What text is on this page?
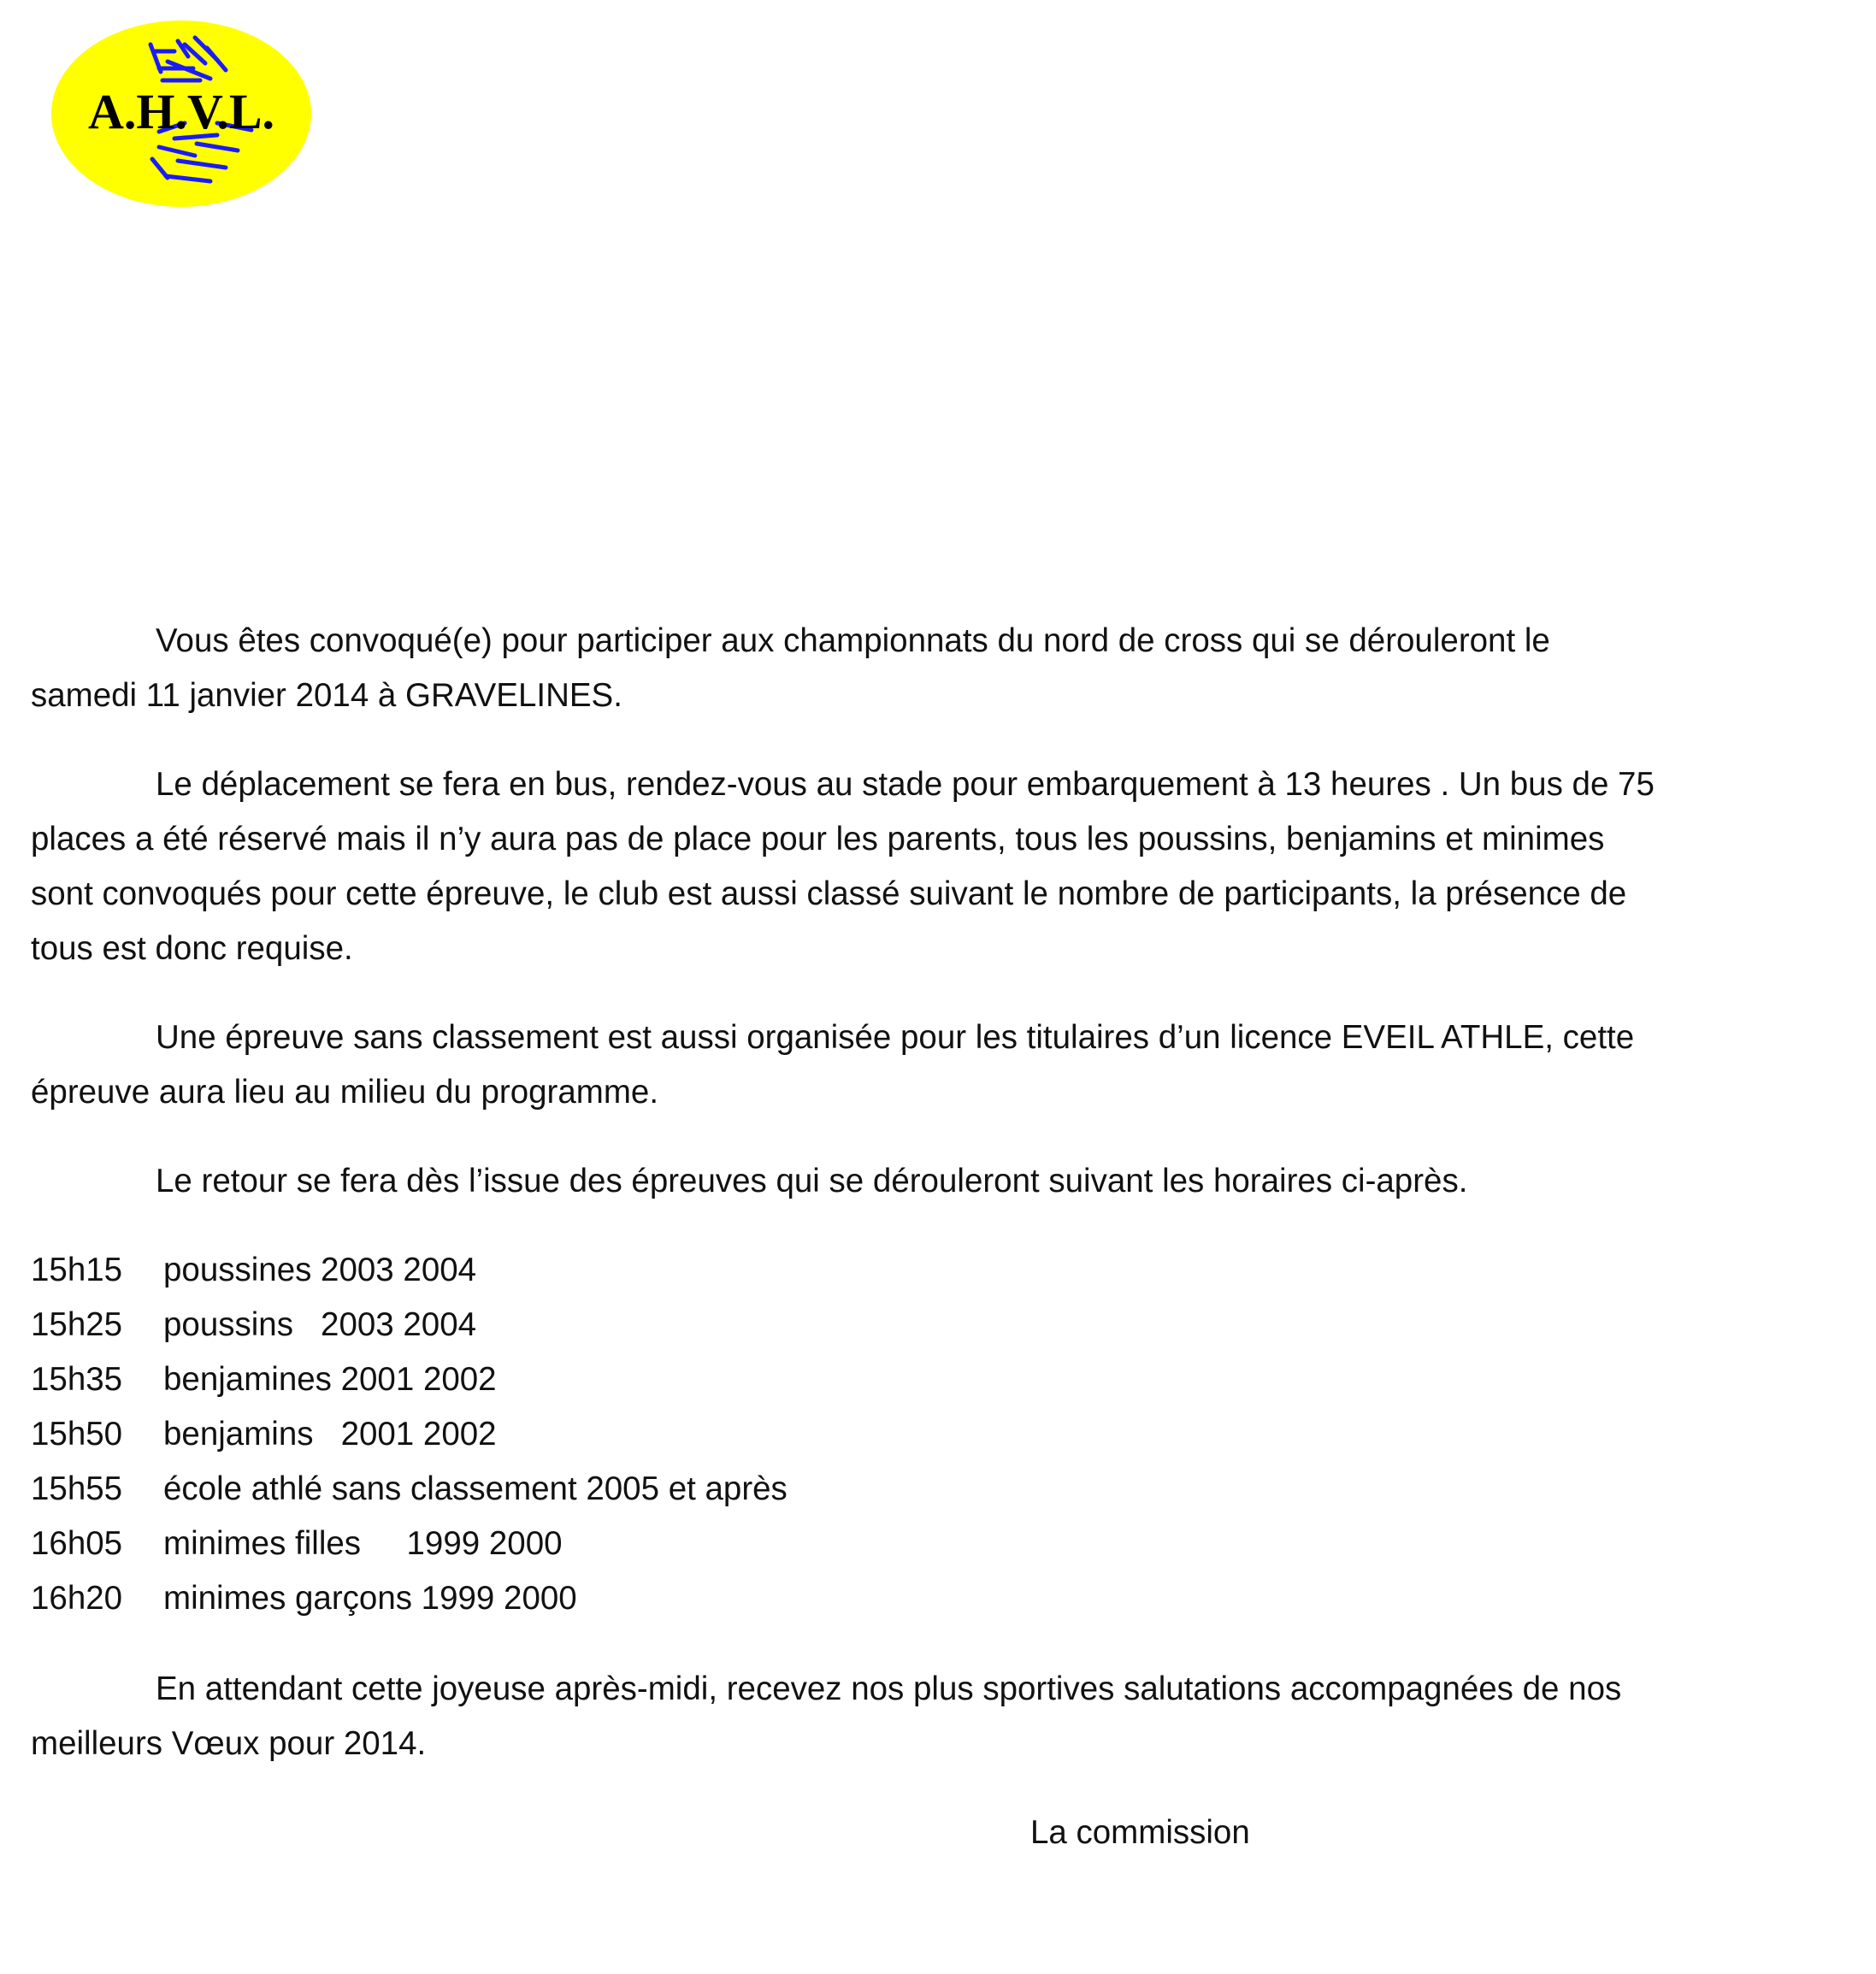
A.H.V.L.

Vous êtes convoqué(e) pour participer aux championnats du nord de cross qui se dérouleront le samedi 11 janvier 2014 à GRAVELINES.

Le déplacement se fera en bus, rendez-vous au stade pour embarquement à 13 heures . Un bus de 75 places a été réservé mais il n’y aura pas de place pour les parents, tous les poussins, benjamins et minimes sont convoqués pour cette épreuve, le club est aussi classé suivant le nombre de participants, la présence de tous est donc requise.

Une épreuve sans classement est aussi organisée pour les titulaires d’un licence EVEIL ATHLE, cette épreuve aura lieu au milieu du programme.

Le retour se fera dès l’issue des épreuves qui se dérouleront suivant les horaires ci-après.

15h15	poussines 2003 2004
15h25	poussins   2003 2004
15h35	benjamines 2001 2002
15h50	benjamins   2001 2002
15h55	école athlé sans classement 2005 et après
16h05	minimes filles     1999 2000
16h20	minimes garçons 1999 2000

En attendant cette joyeuse après-midi, recevez nos plus sportives salutations accompagnées de nos meilleurs Vœux pour 2014.

La commission
